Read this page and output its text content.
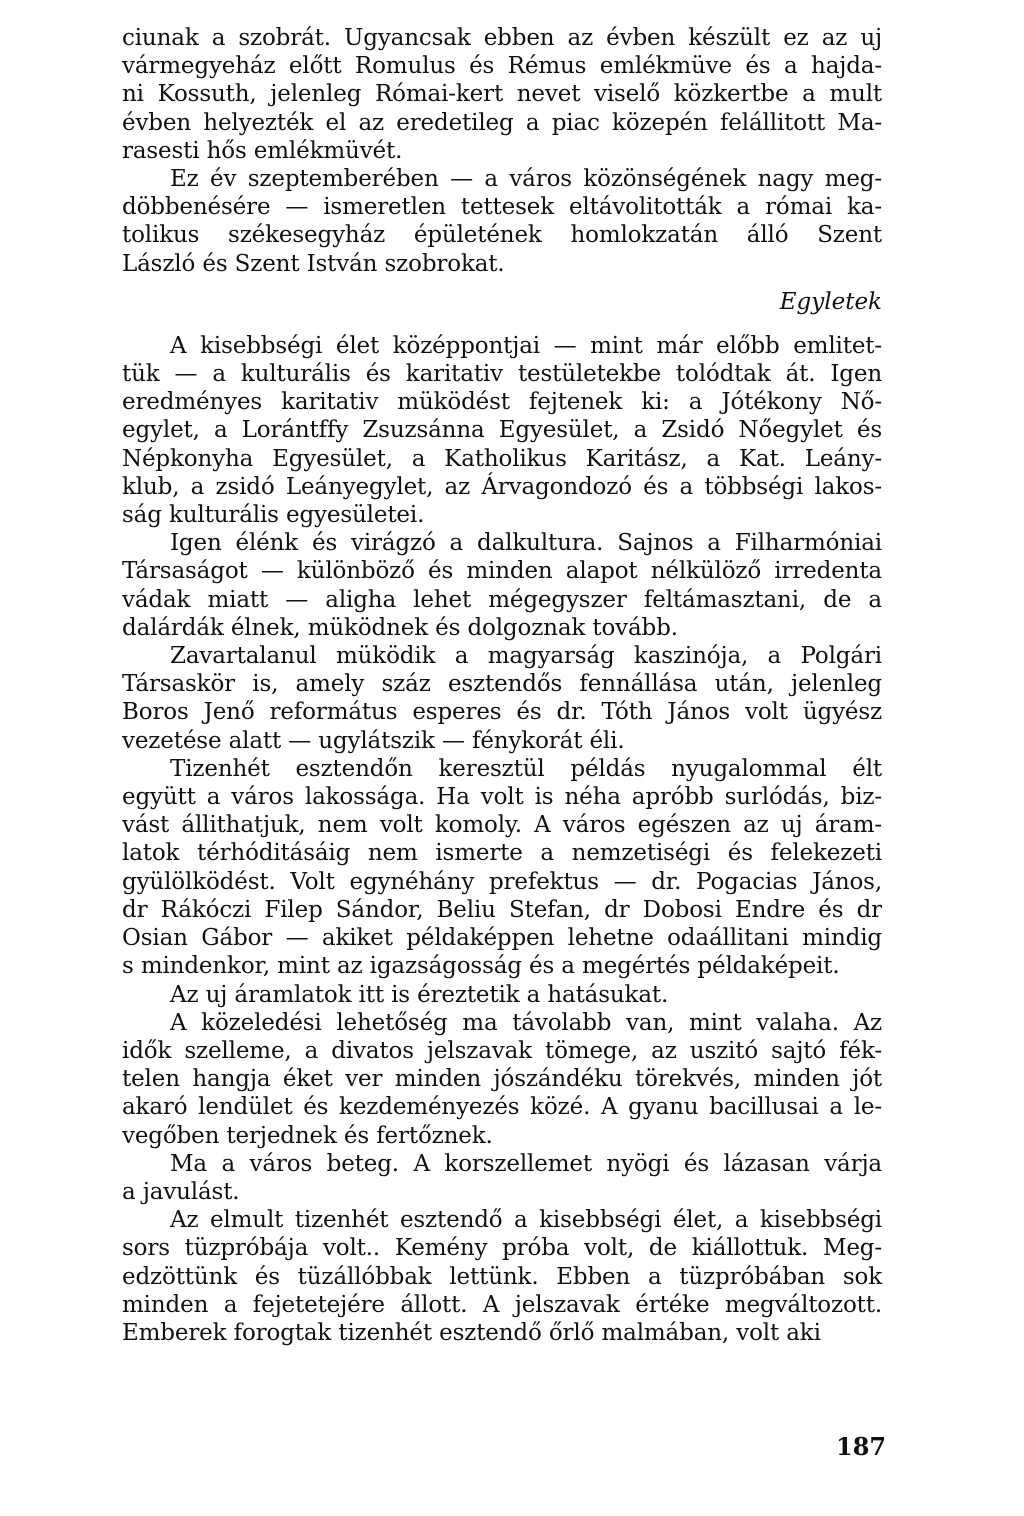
ciunak a szobrát. Ugyancsak ebben az évben készült ez az uj
vármegyeház előtt Romulus és Rémus emlékmüve és a hajda-
ni Kossuth, jelenleg Római-kert nevet viselő közkertbe a mult
évben helyezték el az eredetileg a piac közepén felállitott Ma-
rasesti hős emlékmüvét.
Ez év szeptemberében — a város közönségének nagy meg-
döbbenésére — ismeretlen tettesek eltávolitották a római ka-
tolikus székesegyház épületének homlokzatán álló Szent
László és Szent István szobrokat.
Egyletek
A kisebbségi élet középpontjai — mint már előbb emlitet-
tük — a kulturális és karitativ testületekbe tolódtak át. Igen
eredményes karitativ müködést fejtenek ki: a Jótékony Nő-
egylet, a Lorántffy Zsuzsánna Egyesület, a Zsidó Nőegylet és
Népkonyha Egyesület, a Katholikus Karitász, a Kat. Leány-
klub, a zsidó Leányegylet, az Árvagondozó és a többségi lakos-
ság kulturális egyesületei.
Igen élénk és virágzó a dalkultura. Sajnos a Filharmóniai
Társaságot — különböző és minden alapot nélkülöző irredenta
vádak miatt — aligha lehet mégegyszer feltámasztani, de a
dalárdák élnek, müködnek és dolgoznak tovább.
Zavartalanul müködik a magyarság kaszinója, a Polgári
Társaskör is, amely száz esztendős fennállása után, jelenleg
Boros Jenő református esperes és dr. Tóth János volt ügyész
vezetése alatt — ugylátszik — fénykorát éli.
Tizenhét esztendőn keresztül példás nyugalommal élt
együtt a város lakossága. Ha volt is néha apróbb surlódás, biz-
vást állithatjuk, nem volt komoly. A város egészen az uj áram-
latok térhóditásáig nem ismerte a nemzetiségi és felekezeti
gyülölködést. Volt egynéhány prefektus — dr. Pogacias János,
dr Rákóczi Filep Sándor, Beliu Stefan, dr Dobosi Endre és dr
Osian Gábor — akiket példaképpen lehetne odaállitani mindig
s mindenkor, mint az igazságosság és a megértés példaképeit.
Az uj áramlatok itt is éreztetik a hatásukat.
A közeledési lehetőség ma távolabb van, mint valaha. Az
idők szelleme, a divatos jelszavak tömege, az uszitó sajtó fék-
telen hangja éket ver minden jószándéku törekvés, minden jót
akaró lendület és kezdeményezés közé. A gyanu bacillusai a le-
vegőben terjednek és fertőznek.
Ma a város beteg. A korszellemet nyögi és lázasan várja
a javulást.
Az elmult tizenhét esztendő a kisebbségi élet, a kisebbségi
sors tüzpróbája volt.. Kemény próba volt, de kiállottuk. Meg-
edzöttünk és tüzállóbbak lettünk. Ebben a tüzpróbában sok
minden a fejetetejére állott. A jelszavak értéke megváltozott.
Emberek forogtak tizenhét esztendő őrlő malmában, volt aki
187
